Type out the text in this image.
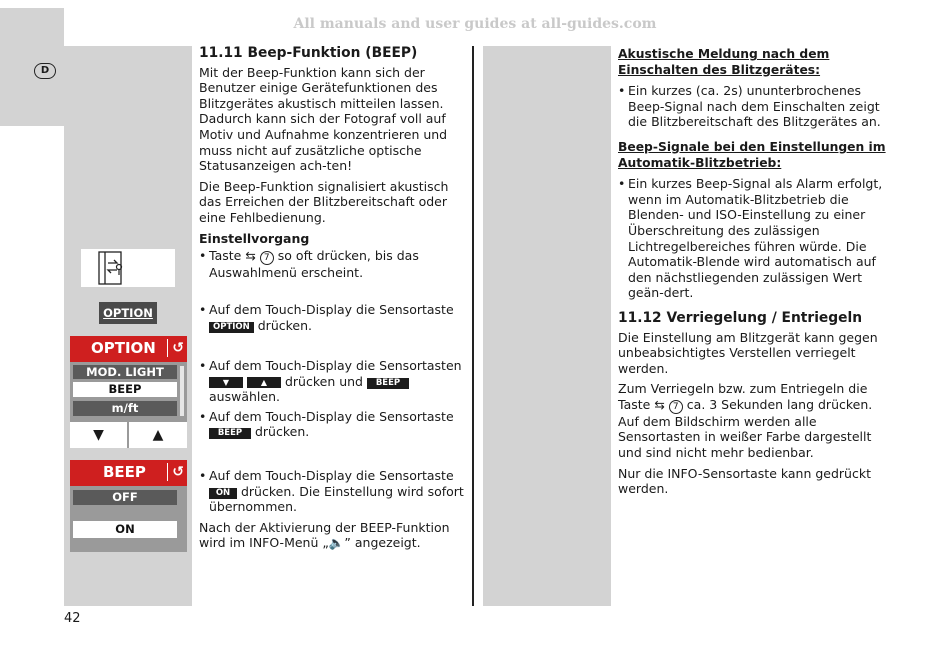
All manuals and user guides at all-guides.com
D
OPTION
OPTION	↺
MOD. LIGHT
BEEP
m/ft
▼	▲
BEEP	↺
OFF
ON
11.11 Beep-Funktion (BEEP)

Mit der Beep-Funktion kann sich der Benutzer einige Gerätefunktionen des Blitzgerätes akustisch mitteilen lassen. Dadurch kann sich der Fotograf voll auf Motiv und Aufnahme konzentrieren und muss nicht auf zusätzliche optische Statusanzeigen ach-ten!

Die Beep-Funktion signalisiert akustisch das Erreichen der Blitzbereitschaft oder eine Fehlbedienung.

Einstellvorgang
• Taste ⇆ 7 so oft drücken, bis das Auswahlmenü erscheint.
• Auf dem Touch-Display die Sensortaste OPTION drücken.
• Auf dem Touch-Display die Sensortasten ▼	▲ drücken und BEEP auswählen.
• Auf dem Touch-Display die Sensortaste BEEP drücken.
• Auf dem Touch-Display die Sensortaste ON drücken. Die Einstellung wird sofort übernommen.

Nach der Aktivierung der BEEP-Funktion wird im INFO-Menü „🔈” angezeigt.

Akustische Meldung nach dem Einschalten des Blitzgerätes:
• Ein kurzes (ca. 2s) ununterbrochenes Beep-Signal nach dem Einschalten zeigt die Blitzbereitschaft des Blitzgerätes an.
Beep-Signale bei den Einstellungen im Automatik-Blitzbetrieb:
• Ein kurzes Beep-Signal als Alarm erfolgt, wenn im Automatik-Blitzbetrieb die Blenden- und ISO-Einstellung zu einer Überschreitung des zulässigen Lichtregelbereiches führen würde. Die Automatik-Blende wird automatisch auf den nächstliegenden zulässigen Wert geän-dert.
11.12 Verriegelung / Entriegeln

Die Einstellung am Blitzgerät kann gegen unbeabsichtigtes Verstellen verriegelt werden.

Zum Verriegeln bzw. zum Entriegeln die Taste ⇆ 7 ca. 3 Sekunden lang drücken.

Auf dem Bildschirm werden alle Sensortasten in weißer Farbe dargestellt und sind nicht mehr bedienbar.

Nur die INFO-Sensortaste kann gedrückt werden.

42
